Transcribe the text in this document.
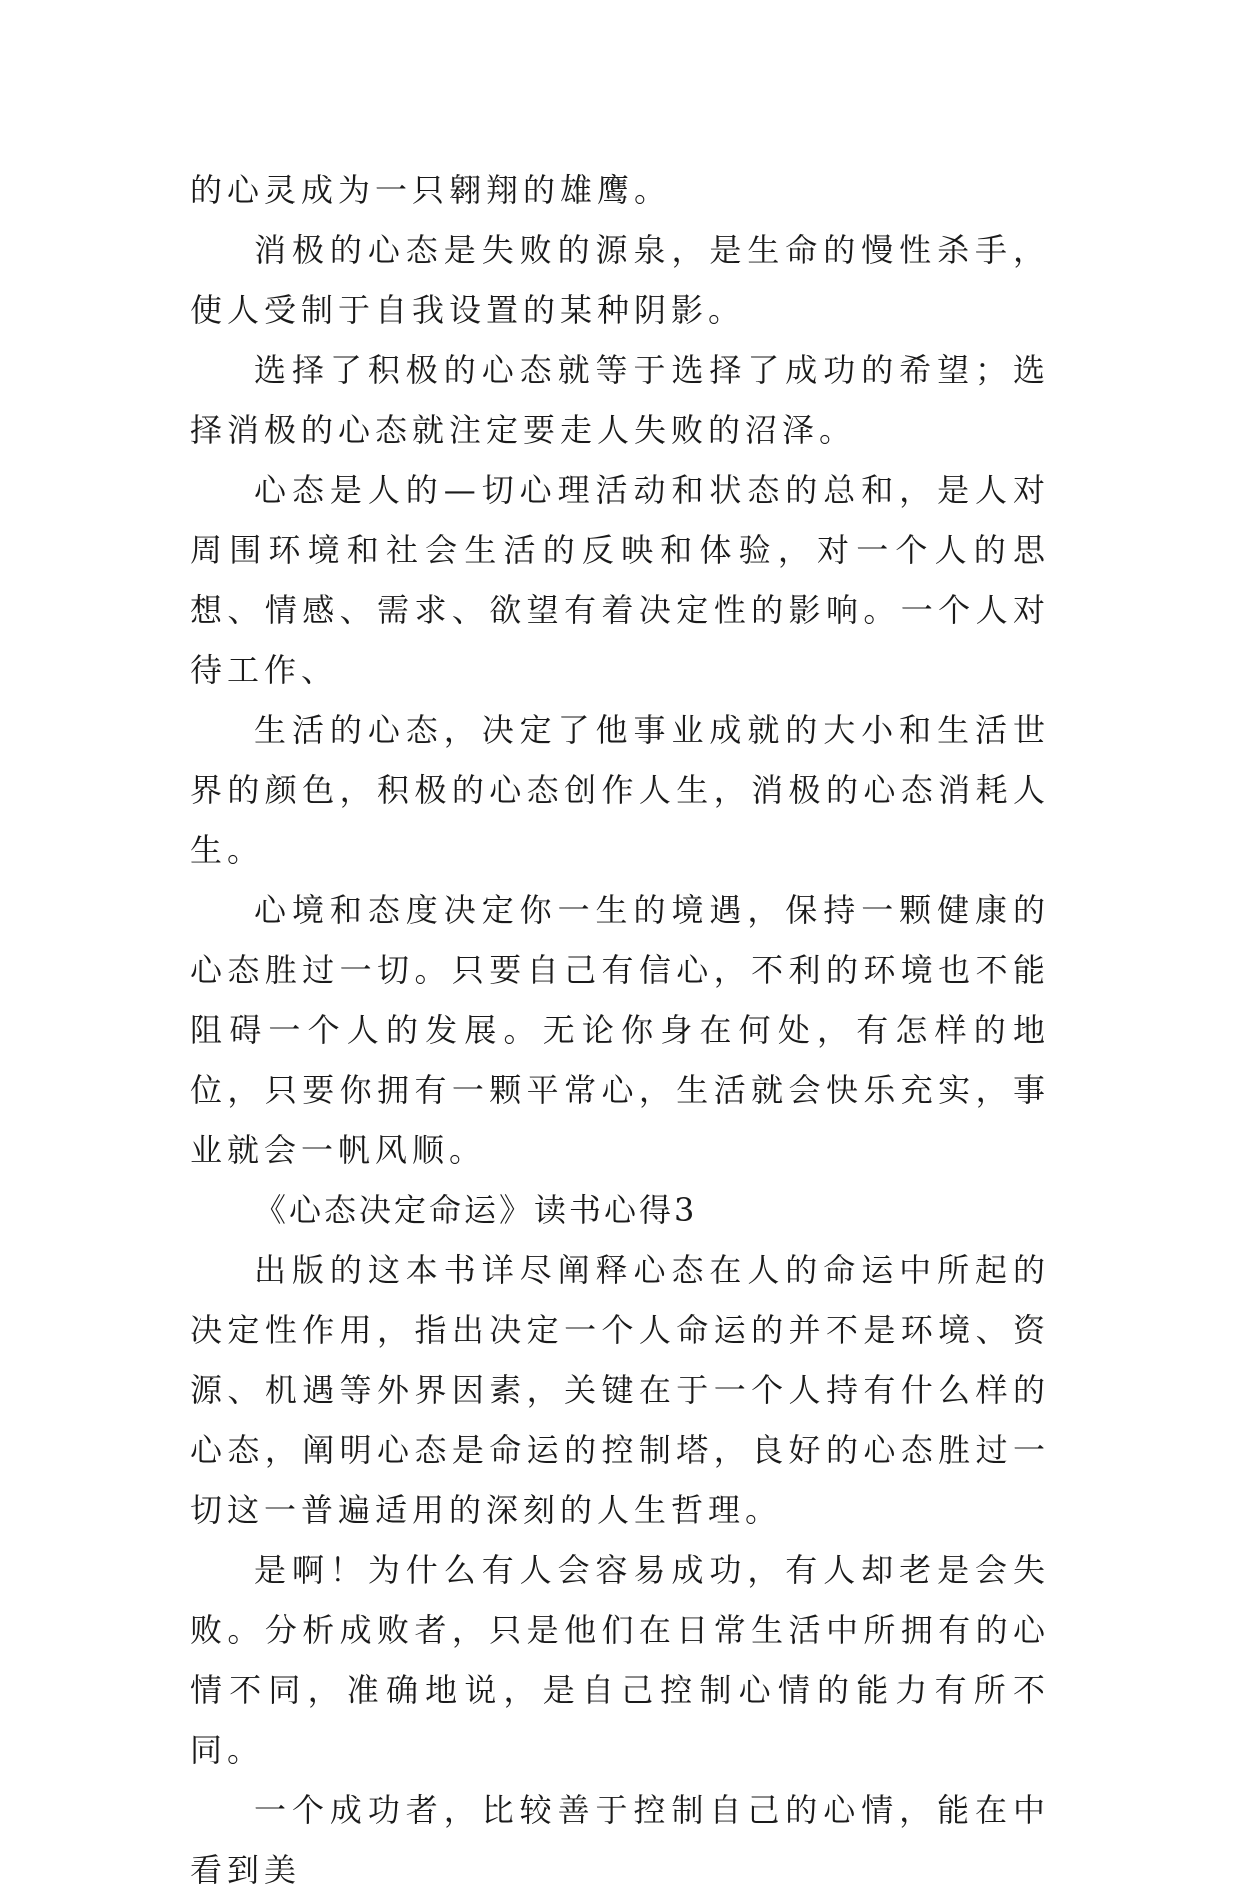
的心灵成为一只翱翔的雄鹰。

消极的心态是失败的源泉，是生命的慢性杀手，使人受制于自我设置的某种阴影。

选择了积极的心态就等于选择了成功的希望；选择消极的心态就注定要走人失败的沼泽。

心态是人的—切心理活动和状态的总和，是人对周围环境和社会生活的反映和体验，对一个人的思想、情感、需求、欲望有着决定性的影响。一个人对待工作、

生活的心态，决定了他事业成就的大小和生活世界的颜色，积极的心态创作人生，消极的心态消耗人生。

心境和态度决定你一生的境遇，保持一颗健康的心态胜过一切。只要自己有信心，不利的环境也不能阻碍一个人的发展。无论你身在何处，有怎样的地位，只要你拥有一颗平常心，生活就会快乐充实，事业就会一帆风顺。

《心态决定命运》读书心得3

出版的这本书详尽阐释心态在人的命运中所起的决定性作用，指出决定一个人命运的并不是环境、资源、机遇等外界因素，关键在于一个人持有什么样的心态，阐明心态是命运的控制塔，良好的心态胜过一切这一普遍适用的深刻的人生哲理。

是啊！为什么有人会容易成功，有人却老是会失败。分析成败者，只是他们在日常生活中所拥有的心情不同，准确地说，是自己控制心情的能力有所不同。

一个成功者，比较善于控制自己的心情，能在中看到美
